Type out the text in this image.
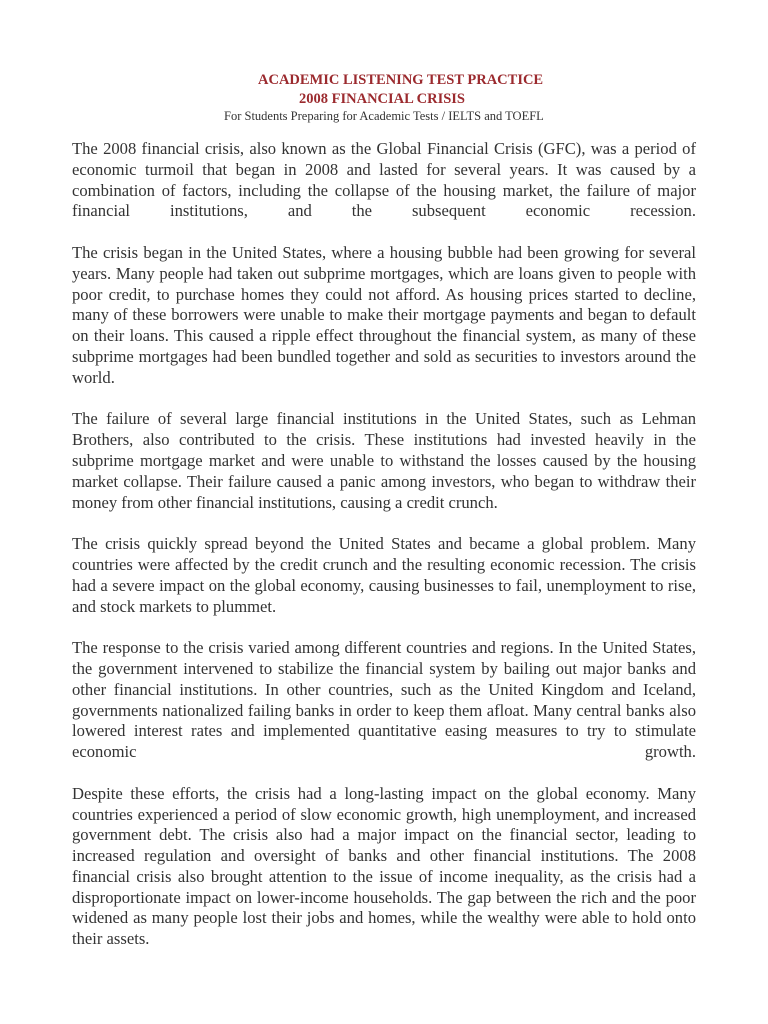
ACADEMIC LISTENING TEST PRACTICE
2008 FINANCIAL CRISIS
For Students Preparing for Academic Tests / IELTS and TOEFL

The 2008 financial crisis, also known as the Global Financial Crisis (GFC), was a period of economic turmoil that began in 2008 and lasted for several years. It was caused by a combination of factors, including the collapse of the housing market, the failure of major financial institutions, and the subsequent economic recession.

The crisis began in the United States, where a housing bubble had been growing for several years. Many people had taken out subprime mortgages, which are loans given to people with poor credit, to purchase homes they could not afford. As housing prices started to decline, many of these borrowers were unable to make their mortgage payments and began to default on their loans. This caused a ripple effect throughout the financial system, as many of these subprime mortgages had been bundled together and sold as securities to investors around the world.

The failure of several large financial institutions in the United States, such as Lehman Brothers, also contributed to the crisis. These institutions had invested heavily in the subprime mortgage market and were unable to withstand the losses caused by the housing market collapse. Their failure caused a panic among investors, who began to withdraw their money from other financial institutions, causing a credit crunch.

The crisis quickly spread beyond the United States and became a global problem. Many countries were affected by the credit crunch and the resulting economic recession. The crisis had a severe impact on the global economy, causing businesses to fail, unemployment to rise, and stock markets to plummet.

The response to the crisis varied among different countries and regions. In the United States, the government intervened to stabilize the financial system by bailing out major banks and other financial institutions. In other countries, such as the United Kingdom and Iceland, governments nationalized failing banks in order to keep them afloat. Many central banks also lowered interest rates and implemented quantitative easing measures to try to stimulate economic growth.

Despite these efforts, the crisis had a long-lasting impact on the global economy. Many countries experienced a period of slow economic growth, high unemployment, and increased government debt. The crisis also had a major impact on the financial sector, leading to increased regulation and oversight of banks and other financial institutions. The 2008 financial crisis also brought attention to the issue of income inequality, as the crisis had a disproportionate impact on lower-income households. The gap between the rich and the poor widened as many people lost their jobs and homes, while the wealthy were able to hold onto their assets.
